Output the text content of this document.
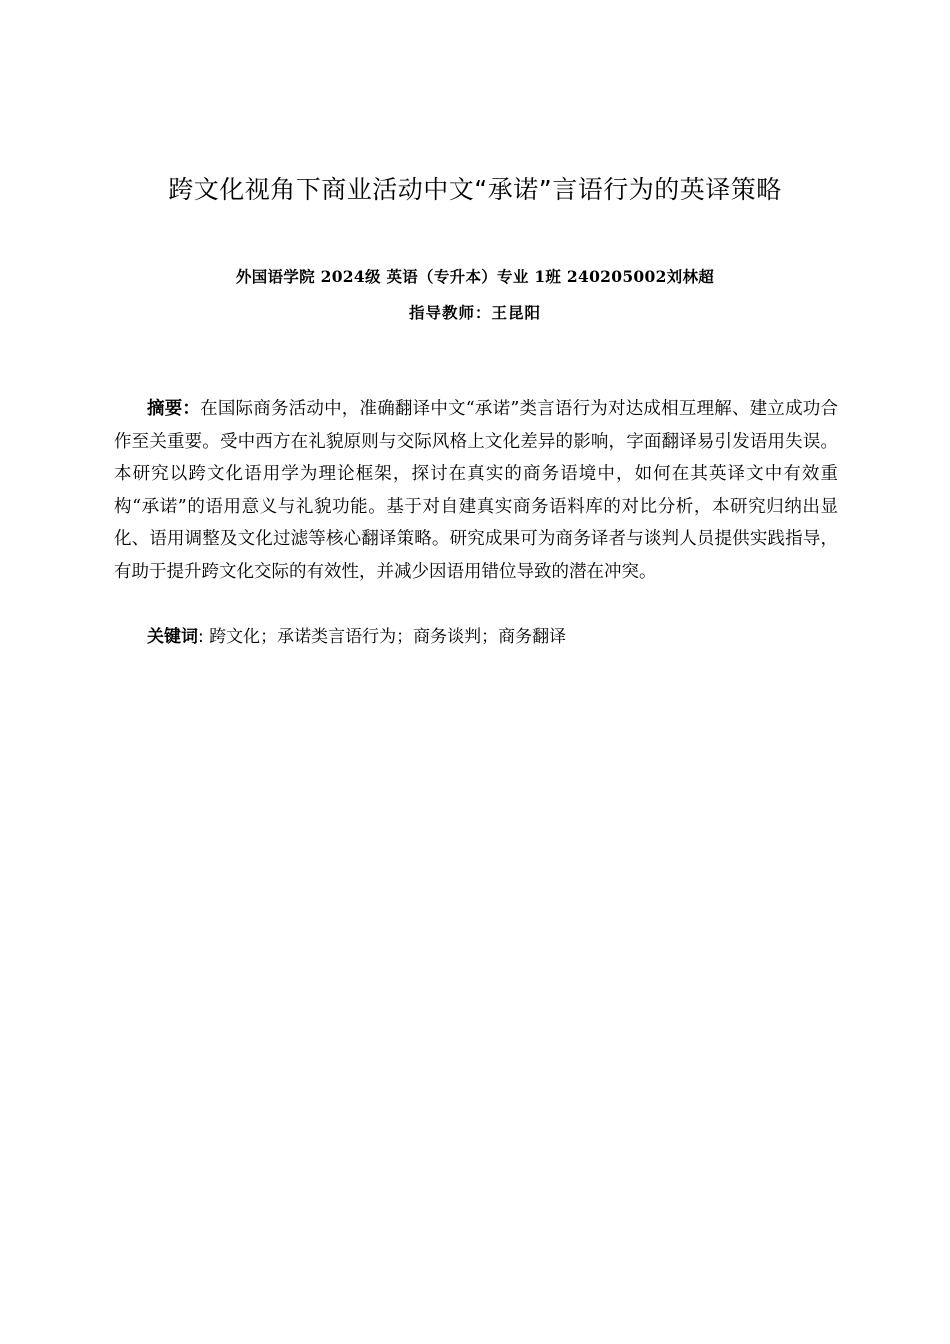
跨文化视角下商业活动中文“承诺”言语行为的英译策略
外国语学院 2024级 英语（专升本）专业 1班 240205002刘林超
指导教师：王昆阳

摘要：在国际商务活动中，准确翻译中文“承诺”类言语行为对达成相互理解、建立成功合作至关重要。受中西方在礼貌原则与交际风格上文化差异的影响，字面翻译易引发语用失误。本研究以跨文化语用学为理论框架，探讨在真实的商务语境中，如何在其英译文中有效重构“承诺”的语用意义与礼貌功能。基于对自建真实商务语料库的对比分析，本研究归纳出显化、语用调整及文化过滤等核心翻译策略。研究成果可为商务译者与谈判人员提供实践指导，有助于提升跨文化交际的有效性，并减少因语用错位导致的潜在冲突。

关键词: 跨文化；承诺类言语行为；商务谈判；商务翻译
